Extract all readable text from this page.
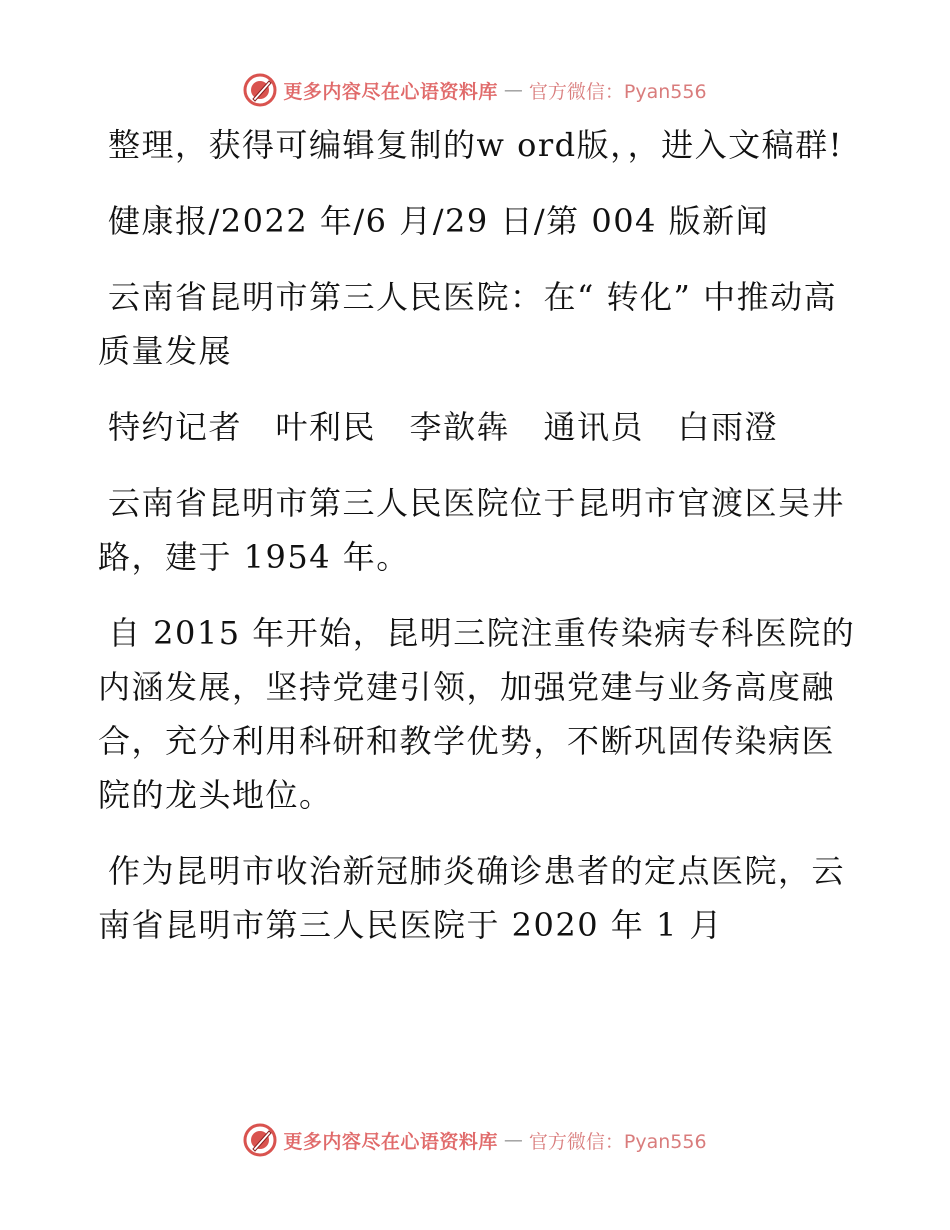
更多内容尽在心语资料库 — 官方微信：Pyan556

整理，获得可编辑复制的w ord版，，进入文稿群!

健康报/2022 年/6 月/29 日/第 004 版新闻

云南省昆明市第三人民医院：在“ 转化” 中推动高质量发展

特约记者　叶利民　李歆犇　通讯员　白雨澄

云南省昆明市第三人民医院位于昆明市官渡区吴井路，建于 1954 年。

自 2015 年开始，昆明三院注重传染病专科医院的内涵发展，坚持党建引领，加强党建与业务高度融合，充分利用科研和教学优势，不断巩固传染病医院的龙头地位。

作为昆明市收治新冠肺炎确诊患者的定点医院，云南省昆明市第三人民医院于 2020 年 1 月

更多内容尽在心语资料库 — 官方微信：Pyan556
